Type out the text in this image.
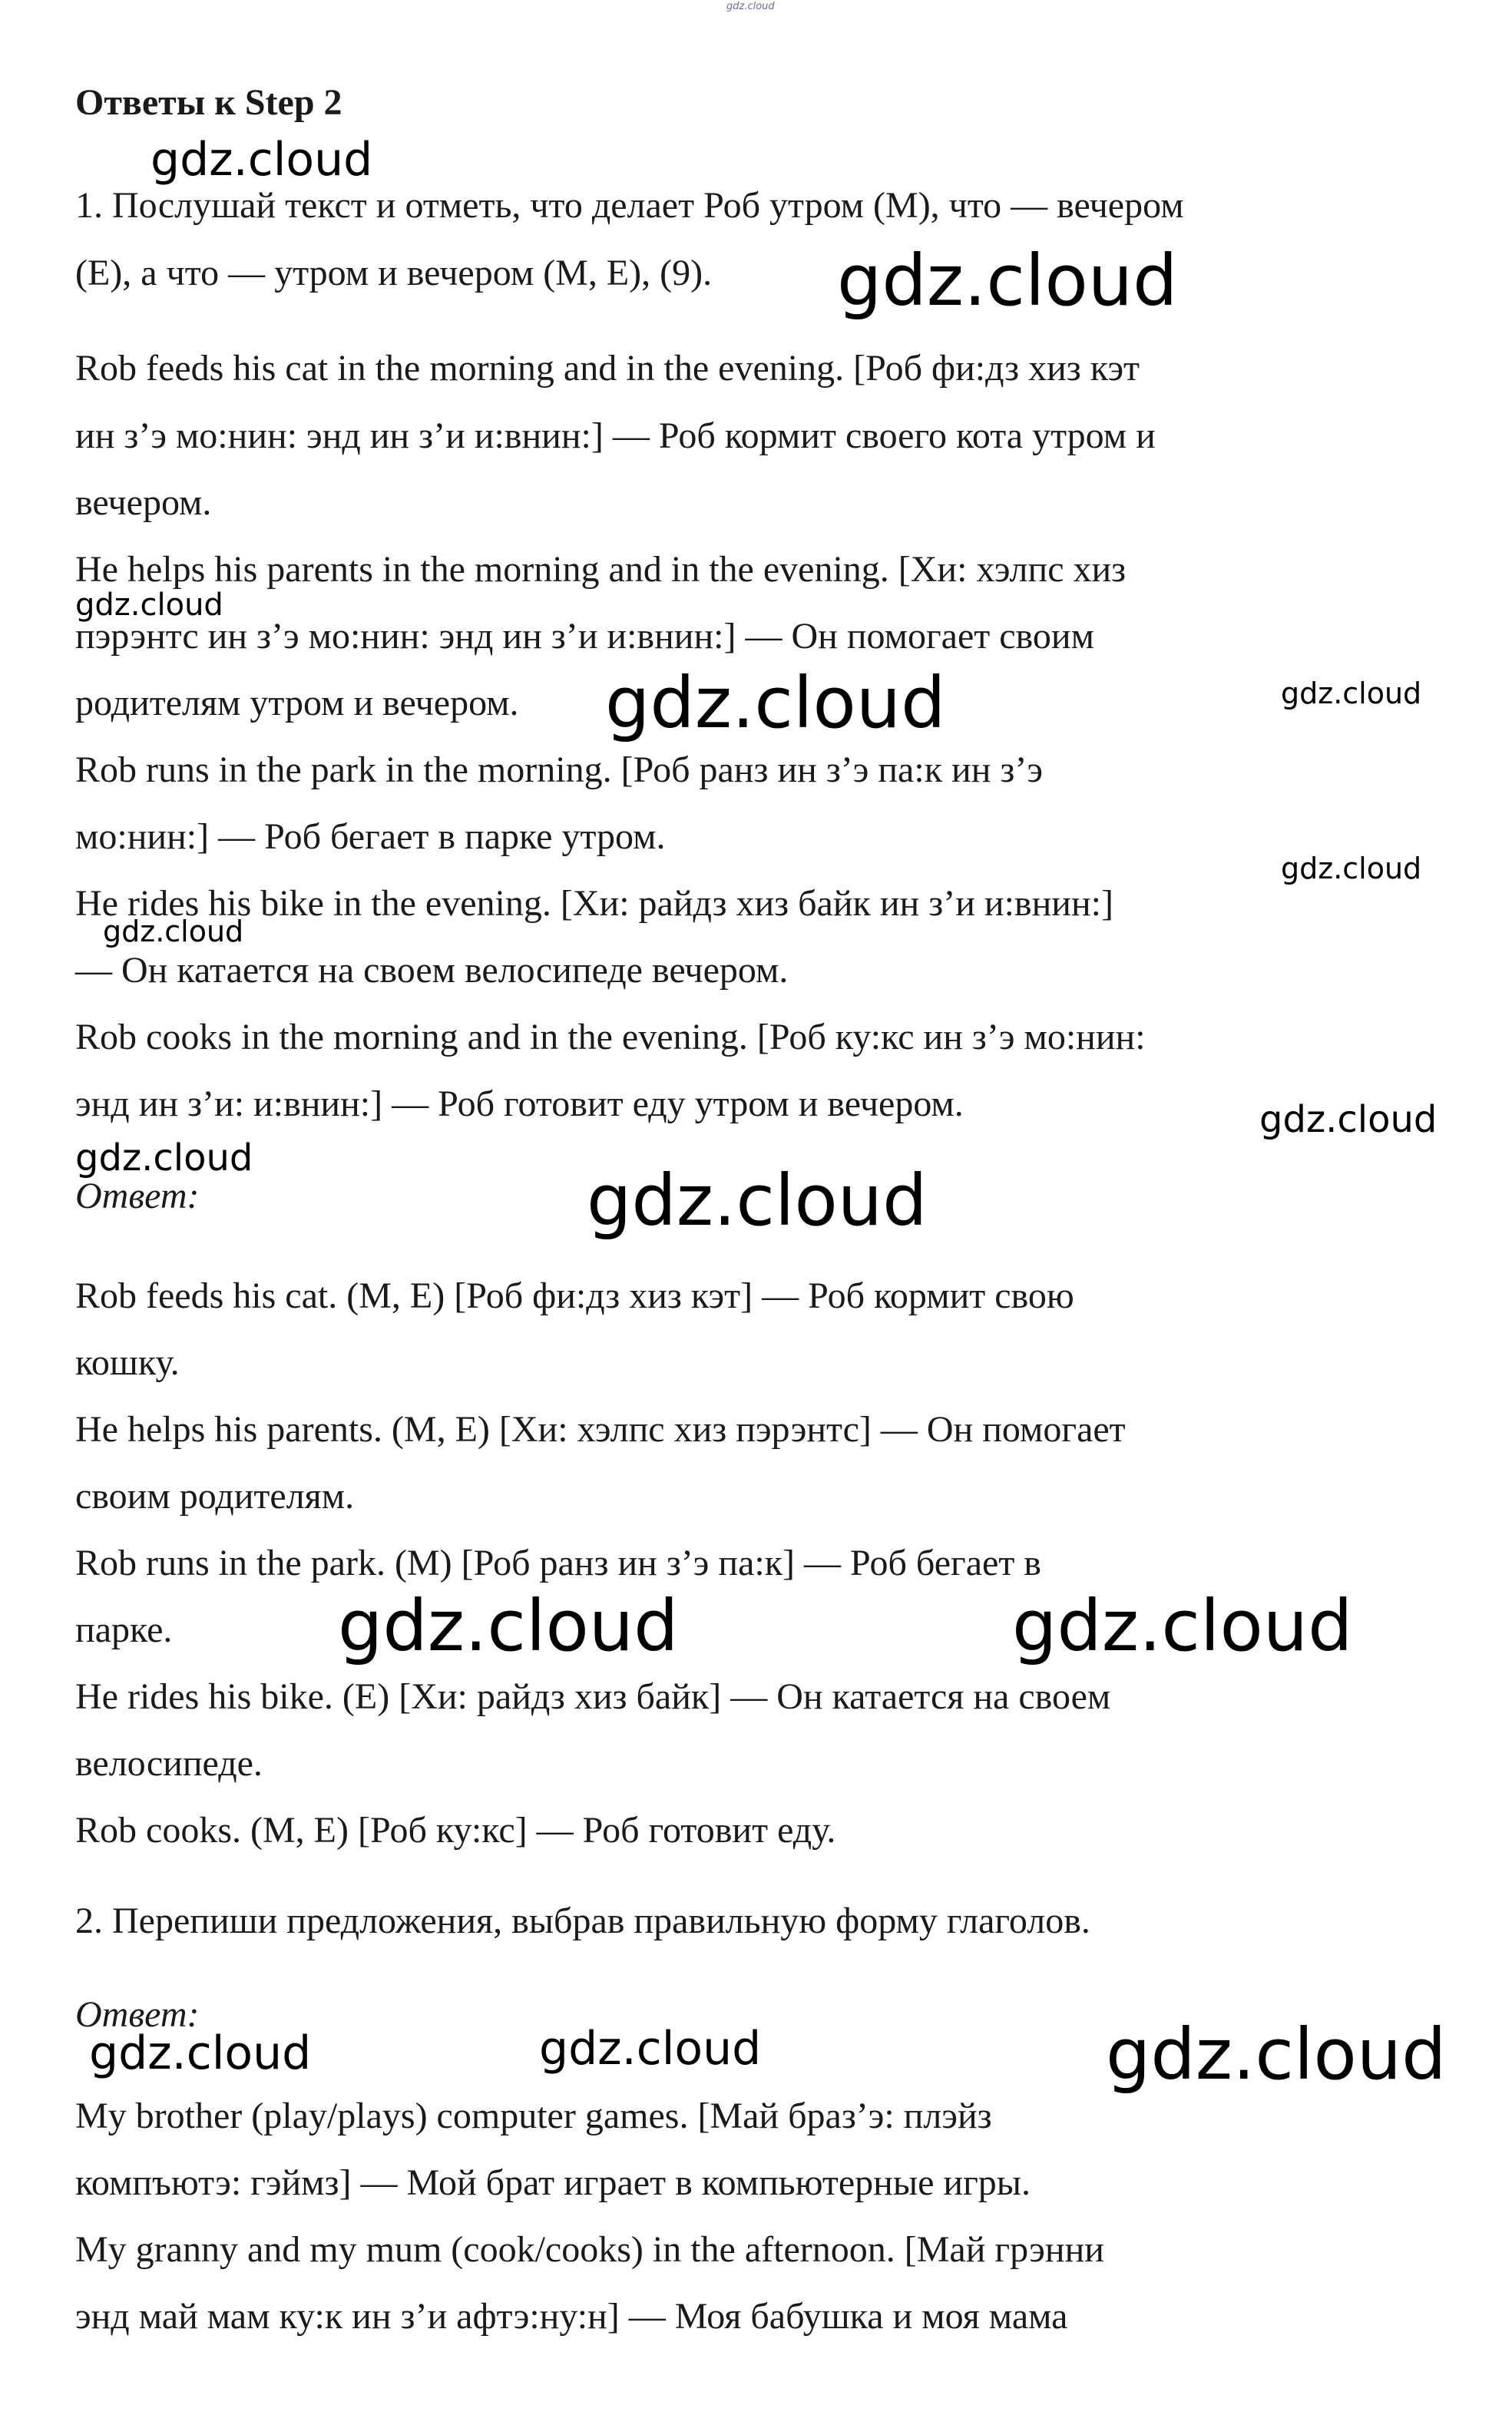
gdz.cloud
Ответы к Step 2
1. Послушай текст и отметь, что делает Роб утром (M), что — вечером
(E), а что — утром и вечером (M, E), (9).
Rob feeds his cat in the morning and in the evening. [Роб фи:дз хиз кэт
ин з’э мо:нин: энд ин з’и и:внин:] — Роб кормит своего кота утром и
вечером.
He helps his parents in the morning and in the evening. [Хи: хэлпс хиз
пэрэнтс ин з’э мо:нин: энд ин з’и и:внин:] — Он помогает своим
родителям утром и вечером.
Rob runs in the park in the morning. [Роб ранз ин з’э па:к ин з’э
мо:нин:] — Роб бегает в парке утром.
He rides his bike in the evening. [Хи: райдз хиз байк ин з’и и:внин:]
— Он катается на своем велосипеде вечером.
Rob cooks in the morning and in the evening. [Роб ку:кс ин з’э мо:нин:
энд ин з’и: и:внин:] — Роб готовит еду утром и вечером.
Ответ:
Rob feeds his cat. (M, E) [Роб фи:дз хиз кэт] — Роб кормит свою
кошку.
He helps his parents. (M, E) [Хи: хэлпс хиз пэрэнтс] — Он помогает
своим родителям.
Rob runs in the park. (M) [Роб ранз ин з’э па:к] — Роб бегает в
парке.
He rides his bike. (E) [Хи: райдз хиз байк] — Он катается на своем
велосипеде.
Rob cooks. (M, E) [Роб ку:кс] — Роб готовит еду.
2. Перепиши предложения, выбрав правильную форму глаголов.
Ответ:
My brother (play/plays) computer games. [Май браз’э: плэйз
компъютэ: гэймз] — Мой брат играет в компьютерные игры.
My granny and my mum (cook/cooks) in the afternoon. [Май грэнни
энд май мам ку:к ин з’и афтэ:ну:н] — Моя бабушка и моя мама
gdz.cloud
gdz.cloud
gdz.cloud
gdz.cloud	gdz.cloud
gdz.cloud
gdz.cloud
gdz.cloud
gdz.cloud
gdz.cloud
gdz.cloud	gdz.cloud
gdz.cloud	gdz.cloud	gdz.cloud
